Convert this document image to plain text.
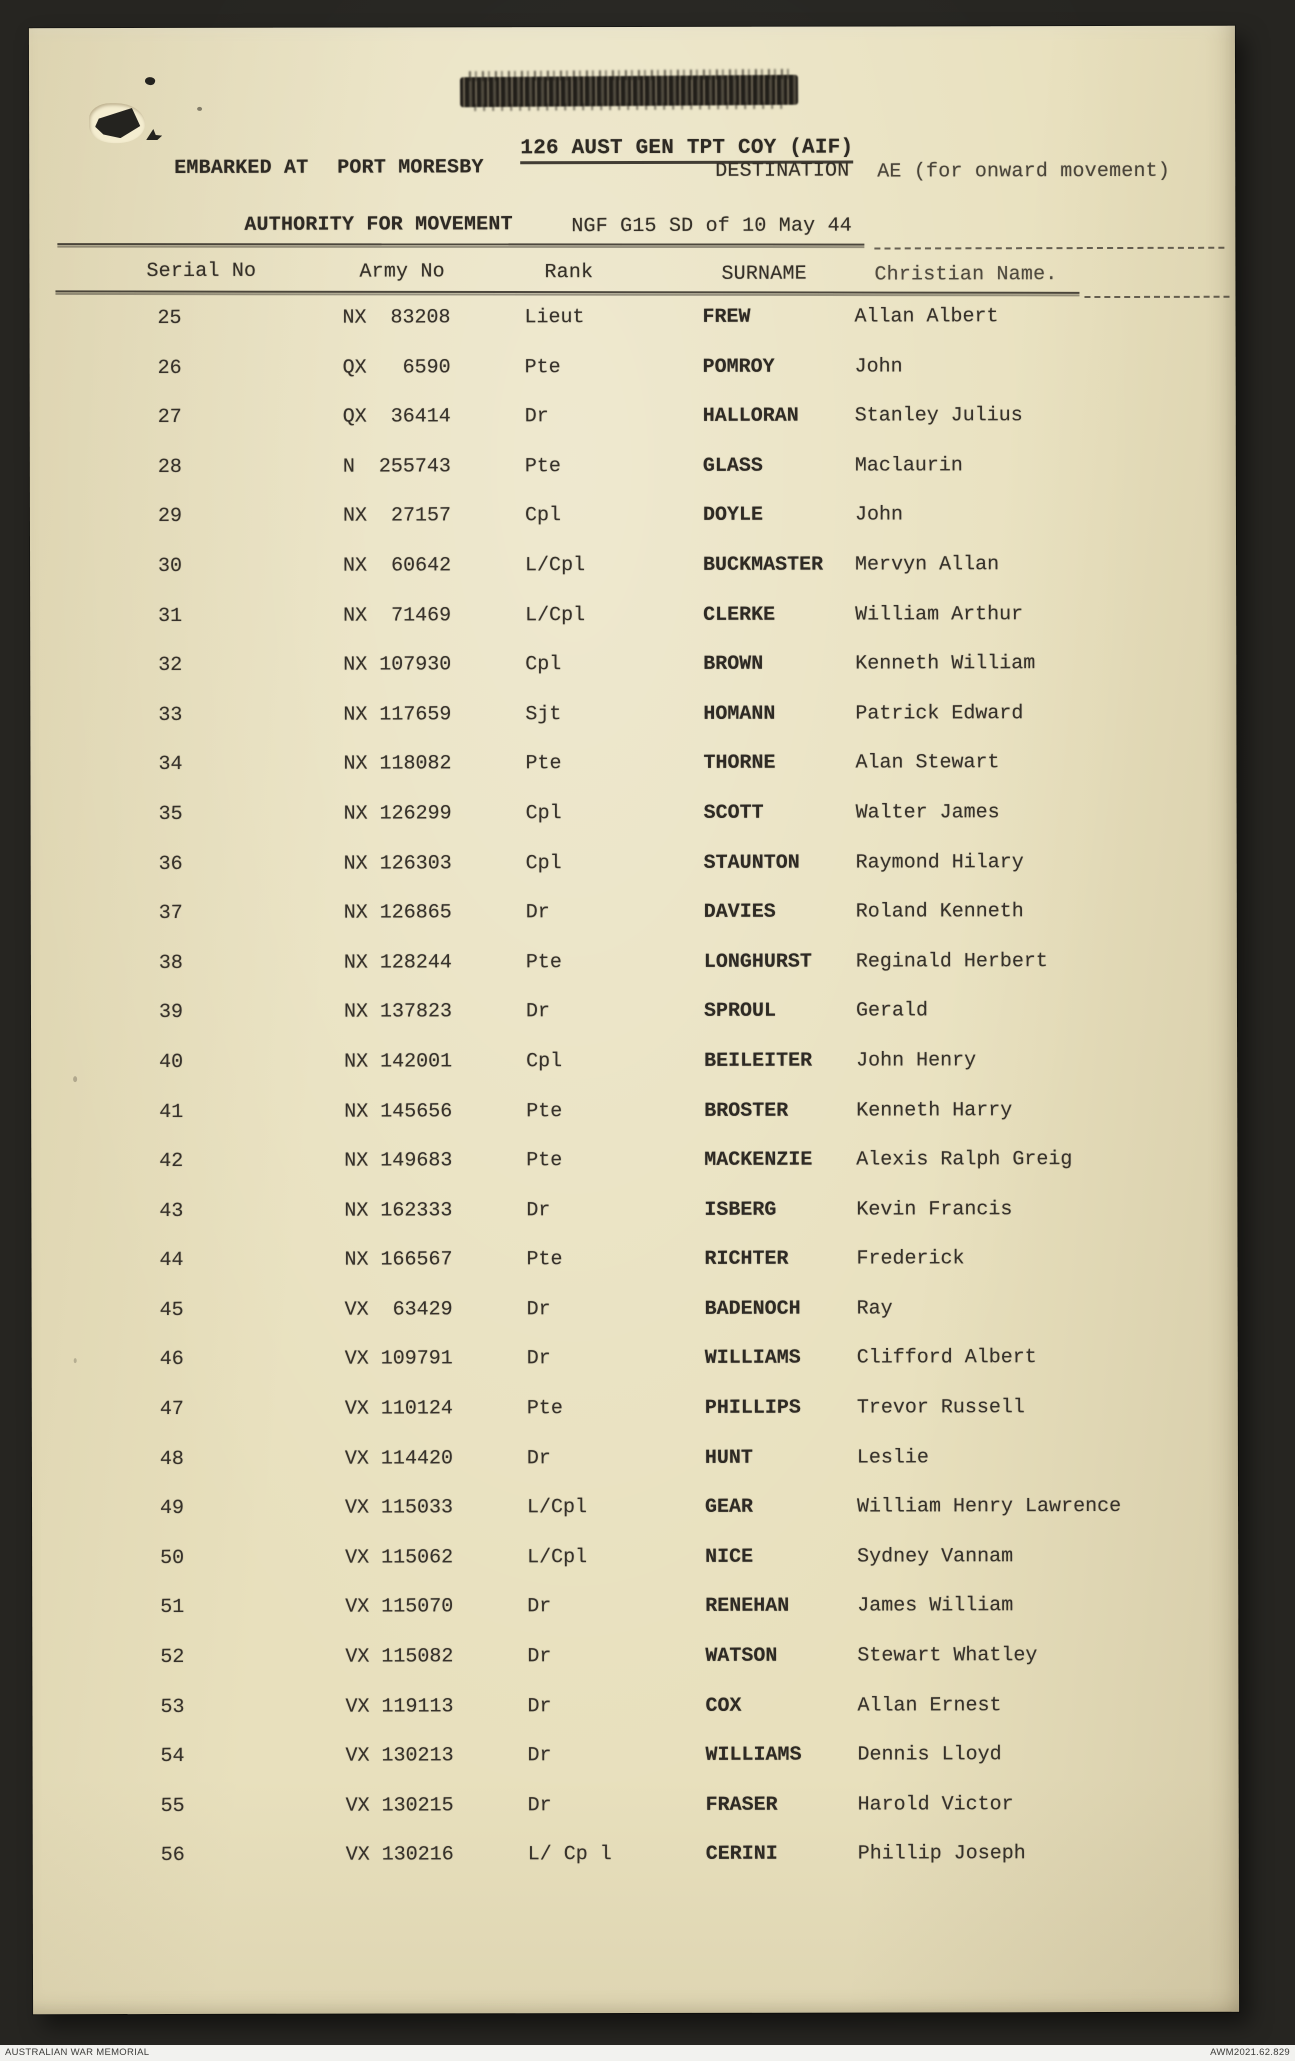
126 AUST GEN TPT COY (AIF)

EMBARKED AT PORT MORESBY	DESTINATION AE (for onward movement)
AUTHORITY FOR MOVEMENT	NGF G15 SD of 10 May 44
Serial No	Army No	Rank	SURNAME	Christian Name.
25	NX  83208	Lieut	FREW	Allan Albert
26	QX   6590	Pte	POMROY	John
27	QX  36414	Dr	HALLORAN	Stanley Julius
28	N  255743	Pte	GLASS	Maclaurin
29	NX  27157	Cpl	DOYLE	John
30	NX  60642	L/Cpl	BUCKMASTER Mervyn Allan
31	NX  71469	L/Cpl	CLERKE	William Arthur
32	NX 107930	Cpl	BROWN	Kenneth William
33	NX 117659	Sjt	HOMANN	Patrick Edward
34	NX 118082	Pte	THORNE	Alan Stewart
35	NX 126299	Cpl	SCOTT	Walter James
36	NX 126303	Cpl	STAUNTON	Raymond Hilary
37	NX 126865	Dr	DAVIES	Roland Kenneth
38	NX 128244	Pte	LONGHURST Reginald Herbert
39	NX 137823	Dr	SPROUL	Gerald
40	NX 142001	Cpl	BEILEITER John Henry
41	NX 145656	Pte	BROSTER	Kenneth Harry
42	NX 149683	Pte	MACKENZIE Alexis Ralph Greig
43	NX 162333	Dr	ISBERG	Kevin Francis
44	NX 166567	Pte	RICHTER	Frederick
45	VX  63429	Dr	BADENOCH	Ray
46	VX 109791	Dr	WILLIAMS	Clifford Albert
47	VX 110124	Pte	PHILLIPS	Trevor Russell
48	VX 114420	Dr	HUNT	Leslie
49	VX 115033	L/Cpl	GEAR	William Henry Lawrence
50	VX 115062	L/Cpl	NICE	Sydney Vannam
51	VX 115070	Dr	RENEHAN	James William
52	VX 115082	Dr	WATSON	Stewart Whatley
53	VX 119113	Dr	COX	Allan Ernest
54	VX 130213	Dr	WILLIAMS	Dennis Lloyd
55	VX 130215	Dr	FRASER	Harold Victor
56	VX 130216	L/ Cp l	CERINI	Phillip Joseph
AUSTRALIAN WAR MEMORIAL	AWM2021.62.829
